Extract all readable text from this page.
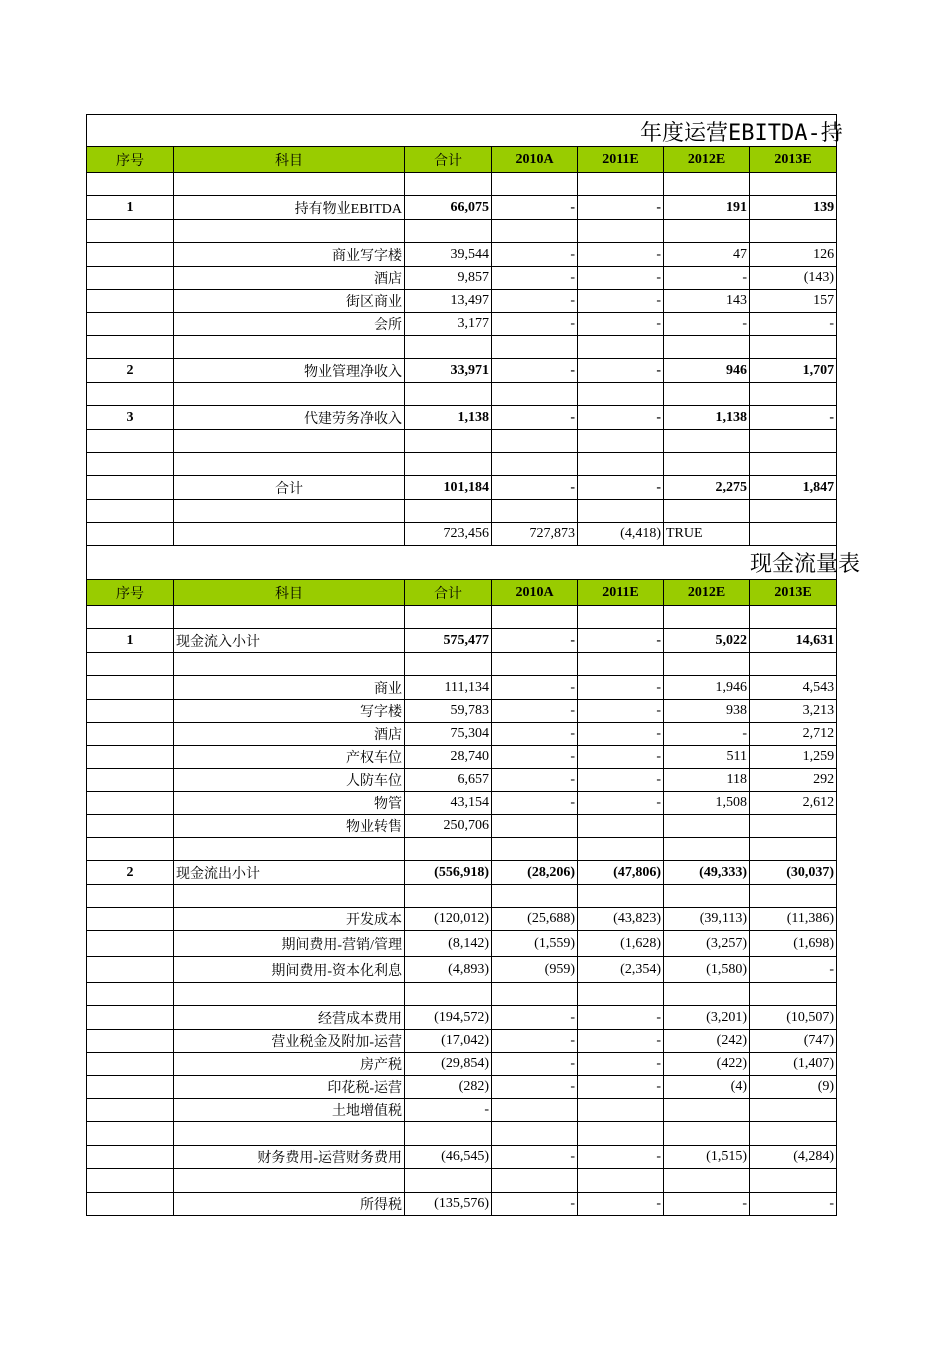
年度运营EBITDA-持						

序号	科目	合计	2010A	2011E	2012E	2013E

1	持有物业EBITDA	66,075	-	-	191	139

	商业写字楼	39,544	-	-	47	126
	酒店	9,857	-	-	-	(143)
	街区商业	13,497	-	-	143	157
	会所	3,177	-	-	-	-

2	物业管理净收入	33,971	-	-	946	1,707

3	代建劳务净收入	1,138	-	-	1,138	-

	合计	101,184	-	-	2,275	1,847

		723,456	727,873	(4,418)	TRUE	

现金流量表						

序号	科目	合计	2010A	2011E	2012E	2013E

1	现金流入小计	575,477	-	-	5,022	14,631

	商业	111,134	-	-	1,946	4,543
	写字楼	59,783	-	-	938	3,213
	酒店	75,304	-	-	-	2,712
	产权车位	28,740	-	-	511	1,259
	人防车位	6,657	-	-	118	292
	物管	43,154	-	-	1,508	2,612
	物业转售	250,706				

2	现金流出小计	(556,918)	(28,206)	(47,806)	(49,333)	(30,037)

	开发成本	(120,012)	(25,688)	(43,823)	(39,113)	(11,386)
	期间费用-营销/管理	(8,142)	(1,559)	(1,628)	(3,257)	(1,698)
	期间费用-资本化利息	(4,893)	(959)	(2,354)	(1,580)	-

	经营成本费用	(194,572)	-	-	(3,201)	(10,507)
	营业税金及附加-运营	(17,042)	-	-	(242)	(747)
	房产税	(29,854)	-	-	(422)	(1,407)
	印花税-运营	(282)	-	-	(4)	(9)
	土地增值税	-				

	财务费用-运营财务费用	(46,545)	-	-	(1,515)	(4,284)

	所得税	(135,576)	-	-	-	-
